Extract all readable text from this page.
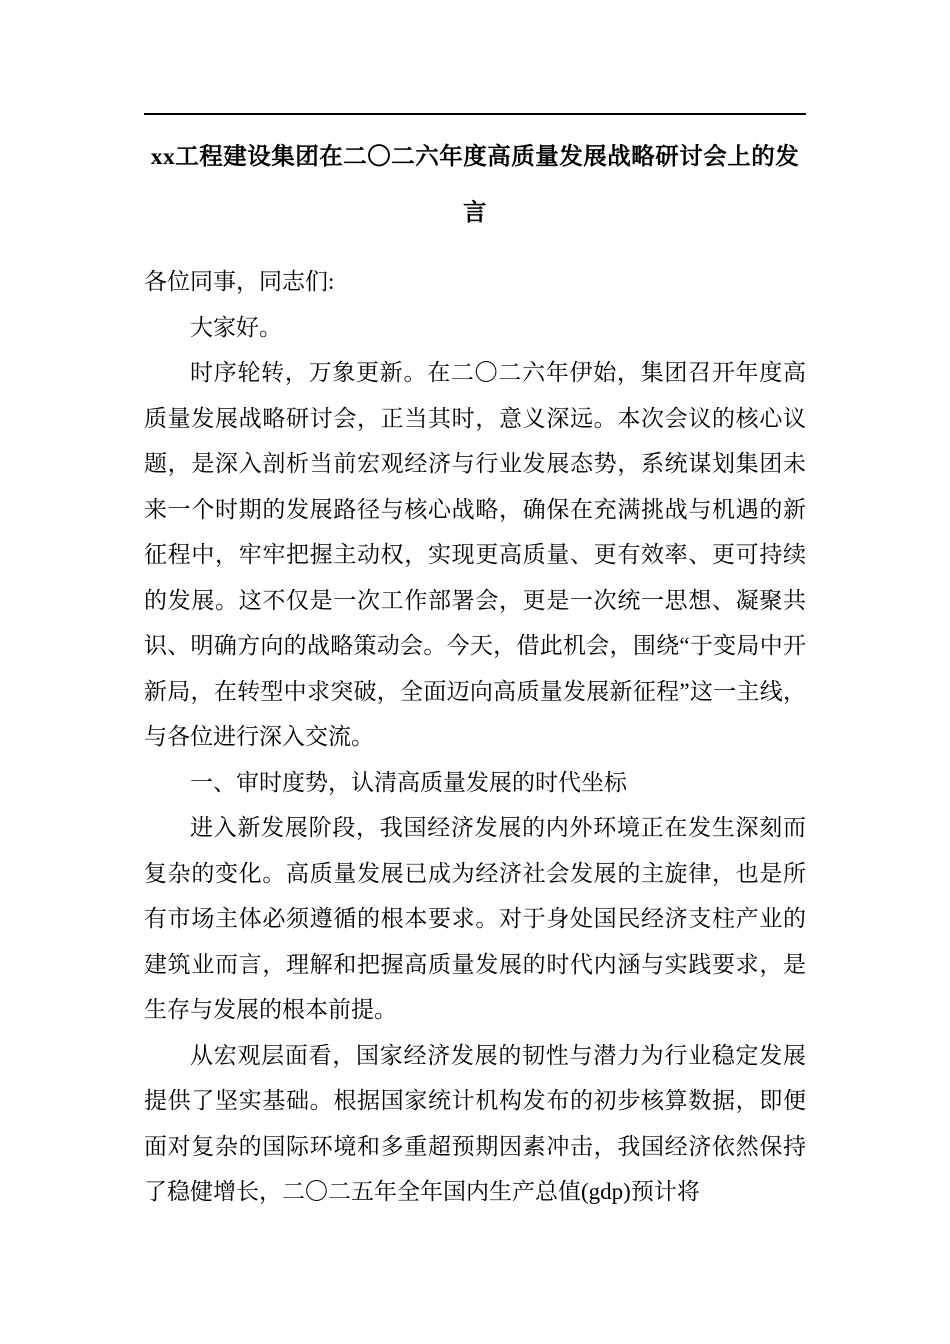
xx工程建设集团在二〇二六年度高质量发展战略研讨会上的发言

各位同事，同志们:

大家好。

时序轮转，万象更新。在二〇二六年伊始，集团召开年度高质量发展战略研讨会，正当其时，意义深远。本次会议的核心议题，是深入剖析当前宏观经济与行业发展态势，系统谋划集团未来一个时期的发展路径与核心战略，确保在充满挑战与机遇的新征程中，牢牢把握主动权，实现更高质量、更有效率、更可持续的发展。这不仅是一次工作部署会，更是一次统一思想、凝聚共识、明确方向的战略策动会。今天，借此机会，围绕“于变局中开新局，在转型中求突破，全面迈向高质量发展新征程”这一主线，与各位进行深入交流。

一、审时度势，认清高质量发展的时代坐标

进入新发展阶段，我国经济发展的内外环境正在发生深刻而复杂的变化。高质量发展已成为经济社会发展的主旋律，也是所有市场主体必须遵循的根本要求。对于身处国民经济支柱产业的建筑业而言，理解和把握高质量发展的时代内涵与实践要求，是生存与发展的根本前提。

从宏观层面看，国家经济发展的韧性与潜力为行业稳定发展提供了坚实基础。根据国家统计机构发布的初步核算数据，即便面对复杂的国际环境和多重超预期因素冲击，我国经济依然保持了稳健增长，二〇二五年全年国内生产总值(gdp)预计将
